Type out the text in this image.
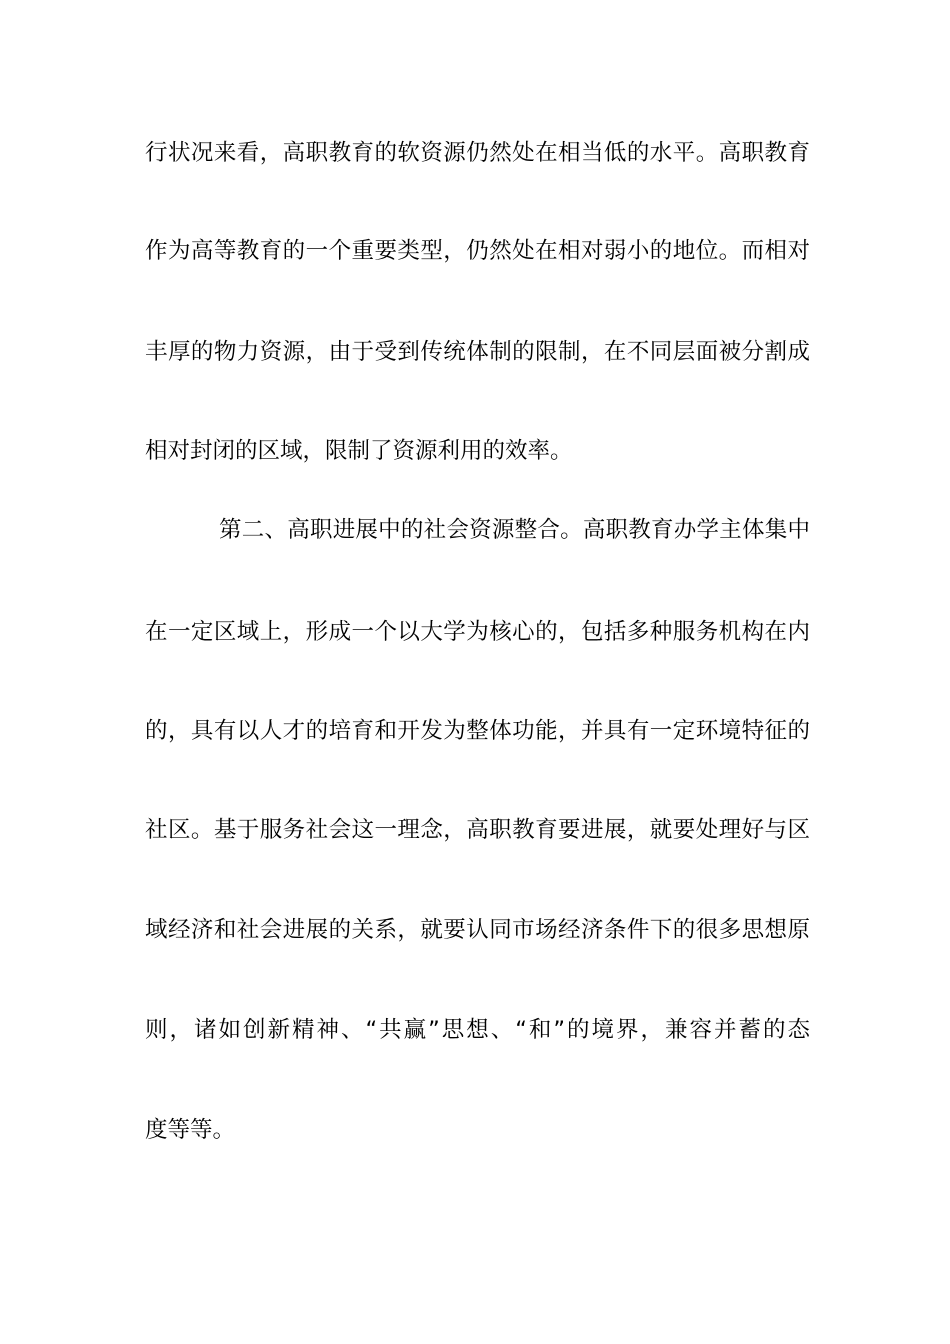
行状况来看，高职教育的软资源仍然处在相当低的水平。高职教育
作为高等教育的一个重要类型，仍然处在相对弱小的地位。而相对
丰厚的物力资源，由于受到传统体制的限制，在不同层面被分割成
相对封闭的区域，限制了资源利用的效率。
第二、高职进展中的社会资源整合。高职教育办学主体集中
在一定区域上，形成一个以大学为核心的，包括多种服务机构在内
的，具有以人才的培育和开发为整体功能，并具有一定环境特征的
社区。基于服务社会这一理念，高职教育要进展，就要处理好与区
域经济和社会进展的关系，就要认同市场经济条件下的很多思想原
则，诸如创新精神、“共赢”思想、“和”的境界，兼容并蓄的态
度等等。
